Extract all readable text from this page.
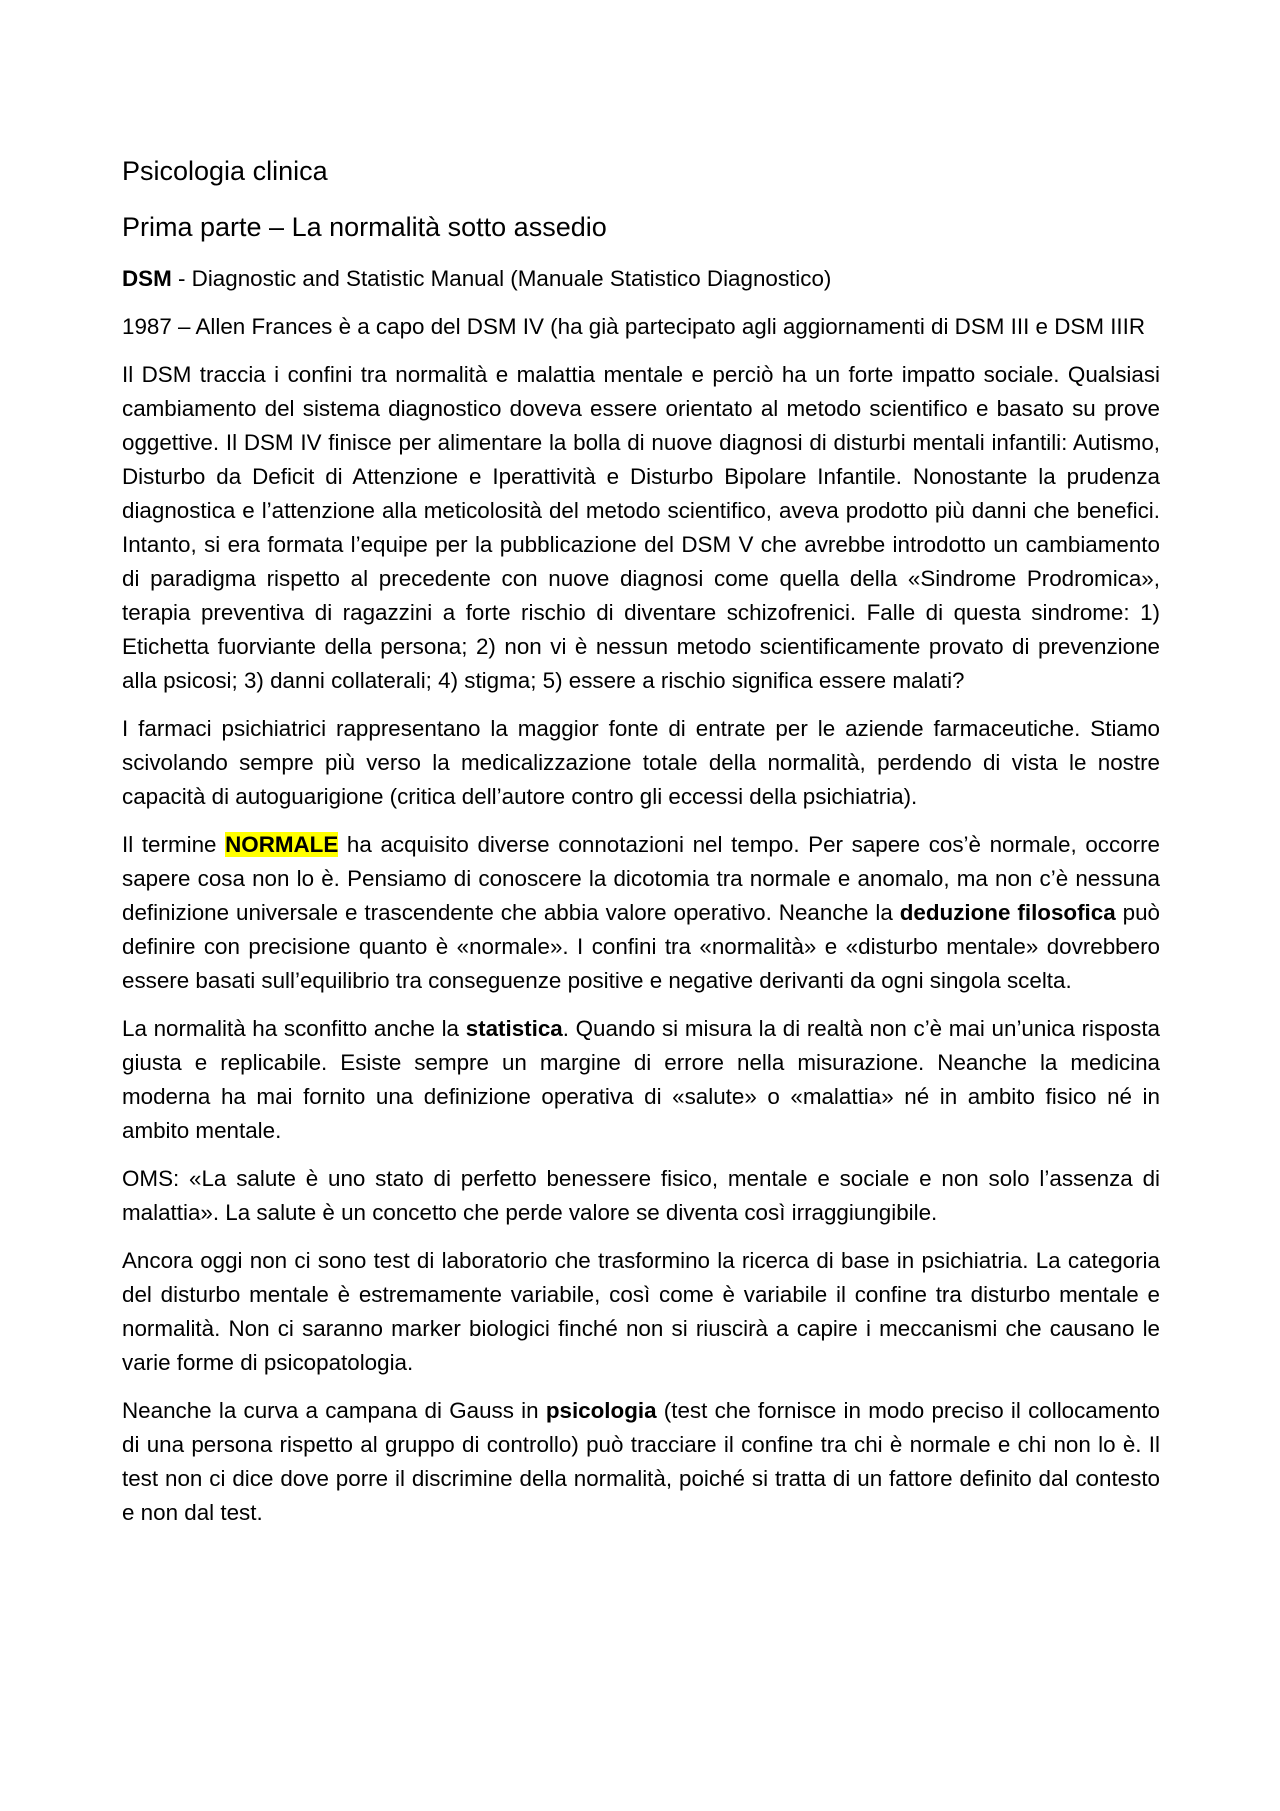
Psicologia clinica
Prima parte – La normalità sotto assedio

DSM - Diagnostic and Statistic Manual (Manuale Statistico Diagnostico)

1987 – Allen Frances è a capo del DSM IV (ha già partecipato agli aggiornamenti di DSM III e DSM IIIR

Il DSM traccia i confini tra normalità e malattia mentale e perciò ha un forte impatto sociale. Qualsiasi cambiamento del sistema diagnostico doveva essere orientato al metodo scientifico e basato su prove oggettive. Il DSM IV finisce per alimentare la bolla di nuove diagnosi di disturbi mentali infantili: Autismo, Disturbo da Deficit di Attenzione e Iperattività e Disturbo Bipolare Infantile. Nonostante la prudenza diagnostica e l’attenzione alla meticolosità del metodo scientifico, aveva prodotto più danni che benefici. Intanto, si era formata l’equipe per la pubblicazione del DSM V che avrebbe introdotto un cambiamento di paradigma rispetto al precedente con nuove diagnosi come quella della «Sindrome Prodromica», terapia preventiva di ragazzini a forte rischio di diventare schizofrenici. Falle di questa sindrome: 1) Etichetta fuorviante della persona; 2) non vi è nessun metodo scientificamente provato di prevenzione alla psicosi; 3) danni collaterali; 4) stigma; 5) essere a rischio significa essere malati?

I farmaci psichiatrici rappresentano la maggior fonte di entrate per le aziende farmaceutiche. Stiamo scivolando sempre più verso la medicalizzazione totale della normalità, perdendo di vista le nostre capacità di autoguarigione (critica dell’autore contro gli eccessi della psichiatria).

Il termine NORMALE ha acquisito diverse connotazioni nel tempo. Per sapere cos’è normale, occorre sapere cosa non lo è. Pensiamo di conoscere la dicotomia tra normale e anomalo, ma non c’è nessuna definizione universale e trascendente che abbia valore operativo. Neanche la deduzione filosofica può definire con precisione quanto è «normale». I confini tra «normalità» e «disturbo mentale» dovrebbero essere basati sull’equilibrio tra conseguenze positive e negative derivanti da ogni singola scelta.

La normalità ha sconfitto anche la statistica. Quando si misura la di realtà non c’è mai un’unica risposta giusta e replicabile. Esiste sempre un margine di errore nella misurazione. Neanche la medicina moderna ha mai fornito una definizione operativa di «salute» o «malattia» né in ambito fisico né in ambito mentale.

OMS: «La salute è uno stato di perfetto benessere fisico, mentale e sociale e non solo l’assenza di malattia». La salute è un concetto che perde valore se diventa così irraggiungibile.

Ancora oggi non ci sono test di laboratorio che trasformino la ricerca di base in psichiatria. La categoria del disturbo mentale è estremamente variabile, così come è variabile il confine tra disturbo mentale e normalità. Non ci saranno marker biologici finché non si riuscirà a capire i meccanismi che causano le varie forme di psicopatologia.

Neanche la curva a campana di Gauss in psicologia (test che fornisce in modo preciso il collocamento di una persona rispetto al gruppo di controllo) può tracciare il confine tra chi è normale e chi non lo è. Il test non ci dice dove porre il discrimine della normalità, poiché si tratta di un fattore definito dal contesto e non dal test.
